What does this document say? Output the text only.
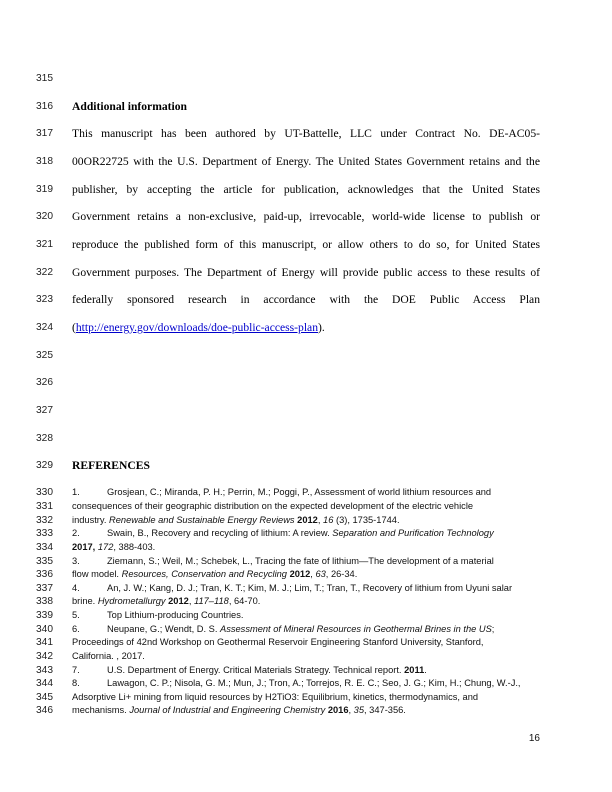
315
316
317
318
319
320
321
322
323
324
325
326
327
328
329
330
331
332
333
334
335
336
337
338
339
340
341
342
343
344
345
346
Additional information
This manuscript has been authored by UT-Battelle, LLC under Contract No. DE-AC05-
00OR22725 with the U.S. Department of Energy. The United States Government retains and the
publisher, by accepting the article for publication, acknowledges that the United States
Government retains a non-exclusive, paid-up, irrevocable, world-wide license to publish or
reproduce the published form of this manuscript, or allow others to do so, for United States
Government purposes. The Department of Energy will provide public access to these results of
federally sponsored research in accordance with the DOE Public Access Plan
(http://energy.gov/downloads/doe-public-access-plan).
REFERENCES
1.	Grosjean, C.; Miranda, P. H.; Perrin, M.; Poggi, P., Assessment of world lithium resources and
consequences of their geographic distribution on the expected development of the electric vehicle
industry. Renewable and Sustainable Energy Reviews 2012, 16 (3), 1735-1744.
2.	Swain, B., Recovery and recycling of lithium: A review. Separation and Purification Technology
2017, 172, 388-403.
3.	Ziemann, S.; Weil, M.; Schebek, L., Tracing the fate of lithium—The development of a material
flow model. Resources, Conservation and Recycling 2012, 63, 26-34.
4.	An, J. W.; Kang, D. J.; Tran, K. T.; Kim, M. J.; Lim, T.; Tran, T., Recovery of lithium from Uyuni salar
brine. Hydrometallurgy 2012, 117–118, 64-70.
5.	Top Lithium-producing Countries.
6.	Neupane, G.; Wendt, D. S. Assessment of Mineral Resources in Geothermal Brines in the US;
Proceedings of 42nd Workshop on Geothermal Reservoir Engineering Stanford University, Stanford,
California. , 2017.
7.	U.S. Department of Energy. Critical Materials Strategy. Technical report. 2011.
8.	Lawagon, C. P.; Nisola, G. M.; Mun, J.; Tron, A.; Torrejos, R. E. C.; Seo, J. G.; Kim, H.; Chung, W.-J.,
Adsorptive Li+ mining from liquid resources by H2TiO3: Equilibrium, kinetics, thermodynamics, and
mechanisms. Journal of Industrial and Engineering Chemistry 2016, 35, 347-356.
16
